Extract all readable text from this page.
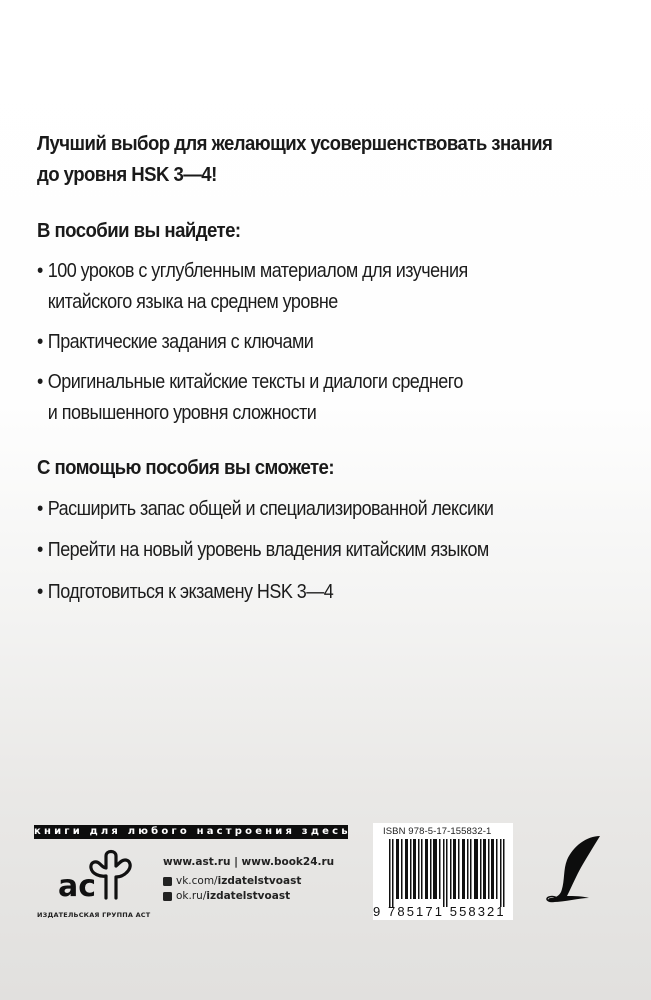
Лучший выбор для желающих усовершенствовать знания
до уровня HSK 3—4!
В пособии вы найдете:
• 100 уроков с углубленным материалом для изучения
китайского языка на среднем уровне
• Практические задания с ключами
• Оригинальные китайские тексты и диалоги среднего
и повышенного уровня сложности
С помощью пособия вы сможете:
• Расширить запас общей и специализированной лексики
• Перейти на новый уровень владения китайским языком
• Подготовиться к экзамену HSK 3—4
книги для любого настроения здесь
ac
ИЗДАТЕЛЬСКАЯ ГРУППА АСТ
www.ast.ru | www.book24.ru
vk.com/ izdatelstvoast
ok.ru/ izdatelstvoast
ISBN 978-5-17-155832-1
9 785171 558321
